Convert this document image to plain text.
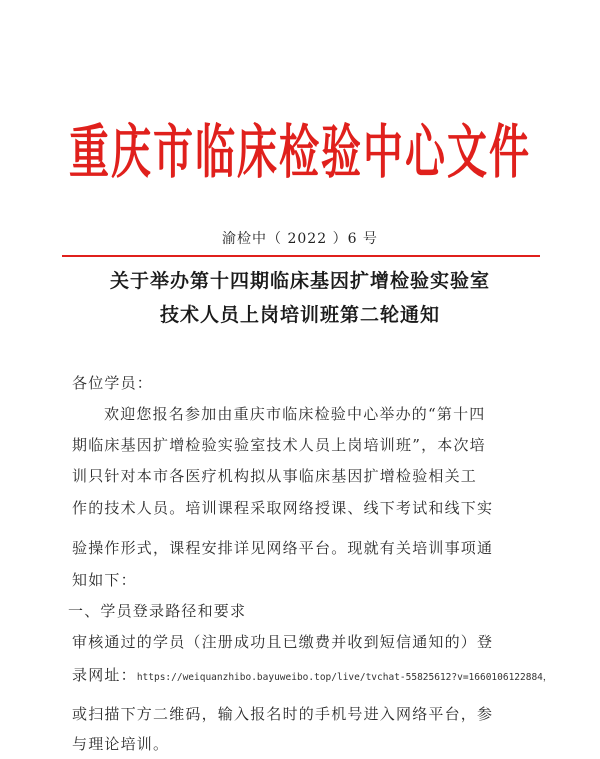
重庆市临床检验中心文件
渝检中（ 2022 ）6 号
关于举办第十四期临床基因扩增检验实验室
技术人员上岗培训班第二轮通知
各位学员：
欢迎您报名参加由重庆市临床检验中心举办的“第十四
期临床基因扩增检验实验室技术人员上岗培训班”，本次培
训只针对本市各医疗机构拟从事临床基因扩增检验相关工
作的技术人员。培训课程采取网络授课、线下考试和线下实
验操作形式，课程安排详见网络平台。现就有关培训事项通
知如下：
一、学员登录路径和要求
审核通过的学员（注册成功且已缴费并收到短信通知的）登
录网址：https://weiquanzhibo.bayuweibo.top/live/tvchat-55825612?v=1660106122884，
或扫描下方二维码，输入报名时的手机号进入网络平台，参
与理论培训。
